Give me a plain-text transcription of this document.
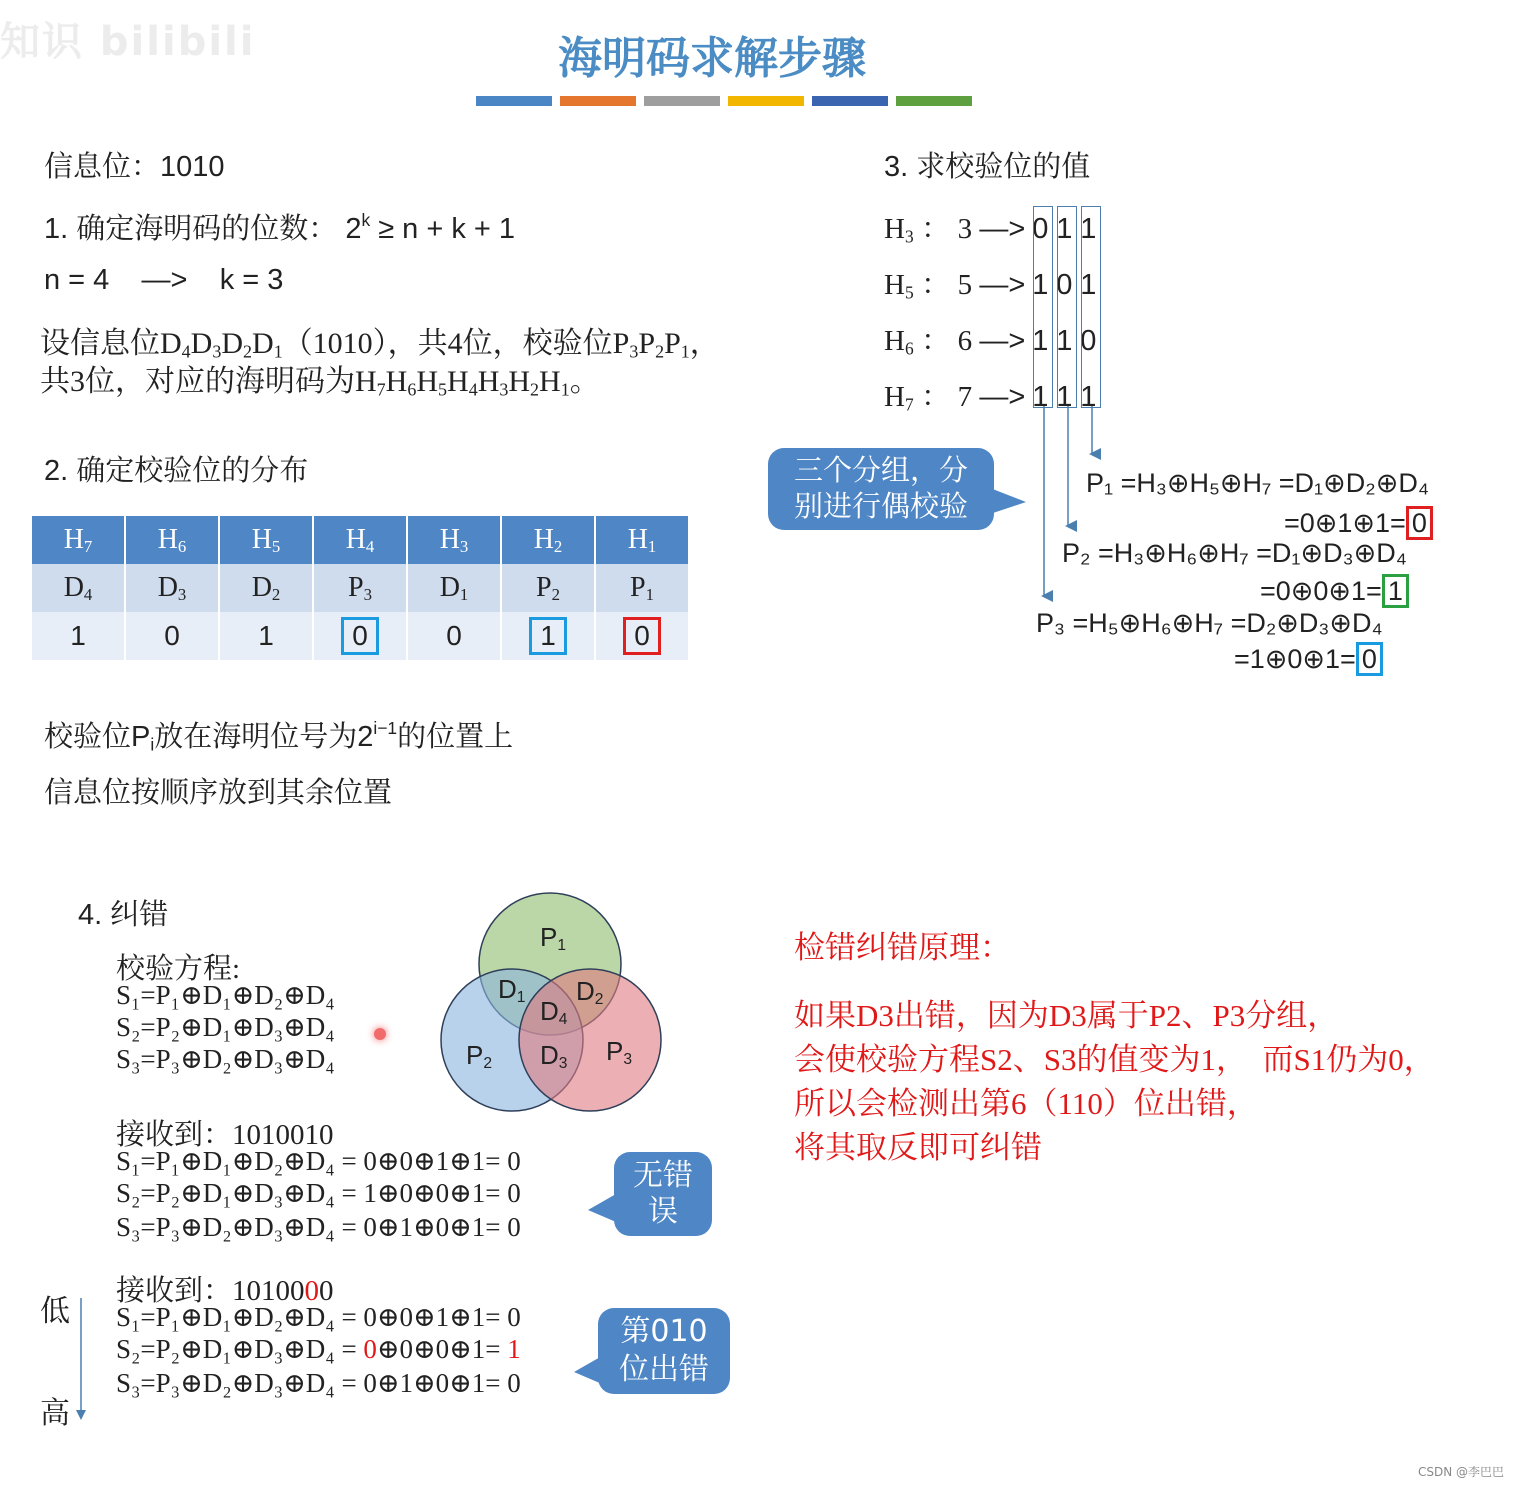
知识 bilibili	海明码求解步骤
信息位：1010
1. 确定海明码的位数： $2^k \ge n + k + 1$
n = 4    —>    k = 3
设信息位$D_4D_3D_2D_1(1010)$，共4位，校验位$P_3P_2P_1$，
共3位，对应的海明码为$H_7H_6H_5H_4H_3H_2H_1$。
2. 确定校验位的分布
$H_7$	$H_6$	$H_5$	$H_4$	$H_3$	$H_2$	$H_1$
$D_4$	$D_3$	$D_2$	$P_3$	$D_1$	$P_2$	$P_1$
1	0	1	0	0	1	0
校验位$P_i$放在海明位号为$2^{i-1}$的位置上
信息位按顺序放到其余位置
3. 求校验位的值
$H_3$ ： 3 —> 0 1 1
$H_5$ ： 5 —> 1 0 1
$H_6$ ： 6 —> 1 1 0
$H_7$ ： 7 —> 1 1 1
三个分组，分别进行偶校验
P₁ =H₃⊕H₅⊕H₇ =D₁⊕D₂⊕D₄
=0⊕1⊕1= 0
P₂ =H₃⊕H₆⊕H₇ =D₁⊕D₃⊕D₄
=0⊕0⊕1= 1
P₃ =H₅⊕H₆⊕H₇ =D₂⊕D₃⊕D₄
=1⊕0⊕1= 0
4. 纠错
校验方程:
S₁=P₁⊕D₁⊕D₂⊕D₄
S₂=P₂⊕D₁⊕D₃⊕D₄
S₃=P₃⊕D₂⊕D₃⊕D₄
$P_1$
$P_2$	$P_3$
$D_1$ $D_2$
$D_3$
$D_4$
接收到：1010010
S₁=P₁⊕D₁⊕D₂⊕D₄ = 0⊕0⊕1⊕1= 0
S₂=P₂⊕D₁⊕D₃⊕D₄ = 1⊕0⊕0⊕1= 0
S₃=P₃⊕D₂⊕D₃⊕D₄ = 0⊕1⊕0⊕1= 0
无错误
接收到：1010000
S₁=P₁⊕D₁⊕D₂⊕D₄ = 0⊕0⊕1⊕1= 0
S₂=P₂⊕D₁⊕D₃⊕D₄ = 0⊕0⊕0⊕1= 1
S₃=P₃⊕D₂⊕D₃⊕D₄ = 0⊕1⊕0⊕1= 0
第010位出错
低
高
检错纠错原理：
如果D3出错，因为D3属于P2、P3分组，
会使校验方程S2、S3的值变为1，  而S1仍为0，
所以会检测出第6（110）位出错，
将其取反即可纠错
CSDN @李巴巴
